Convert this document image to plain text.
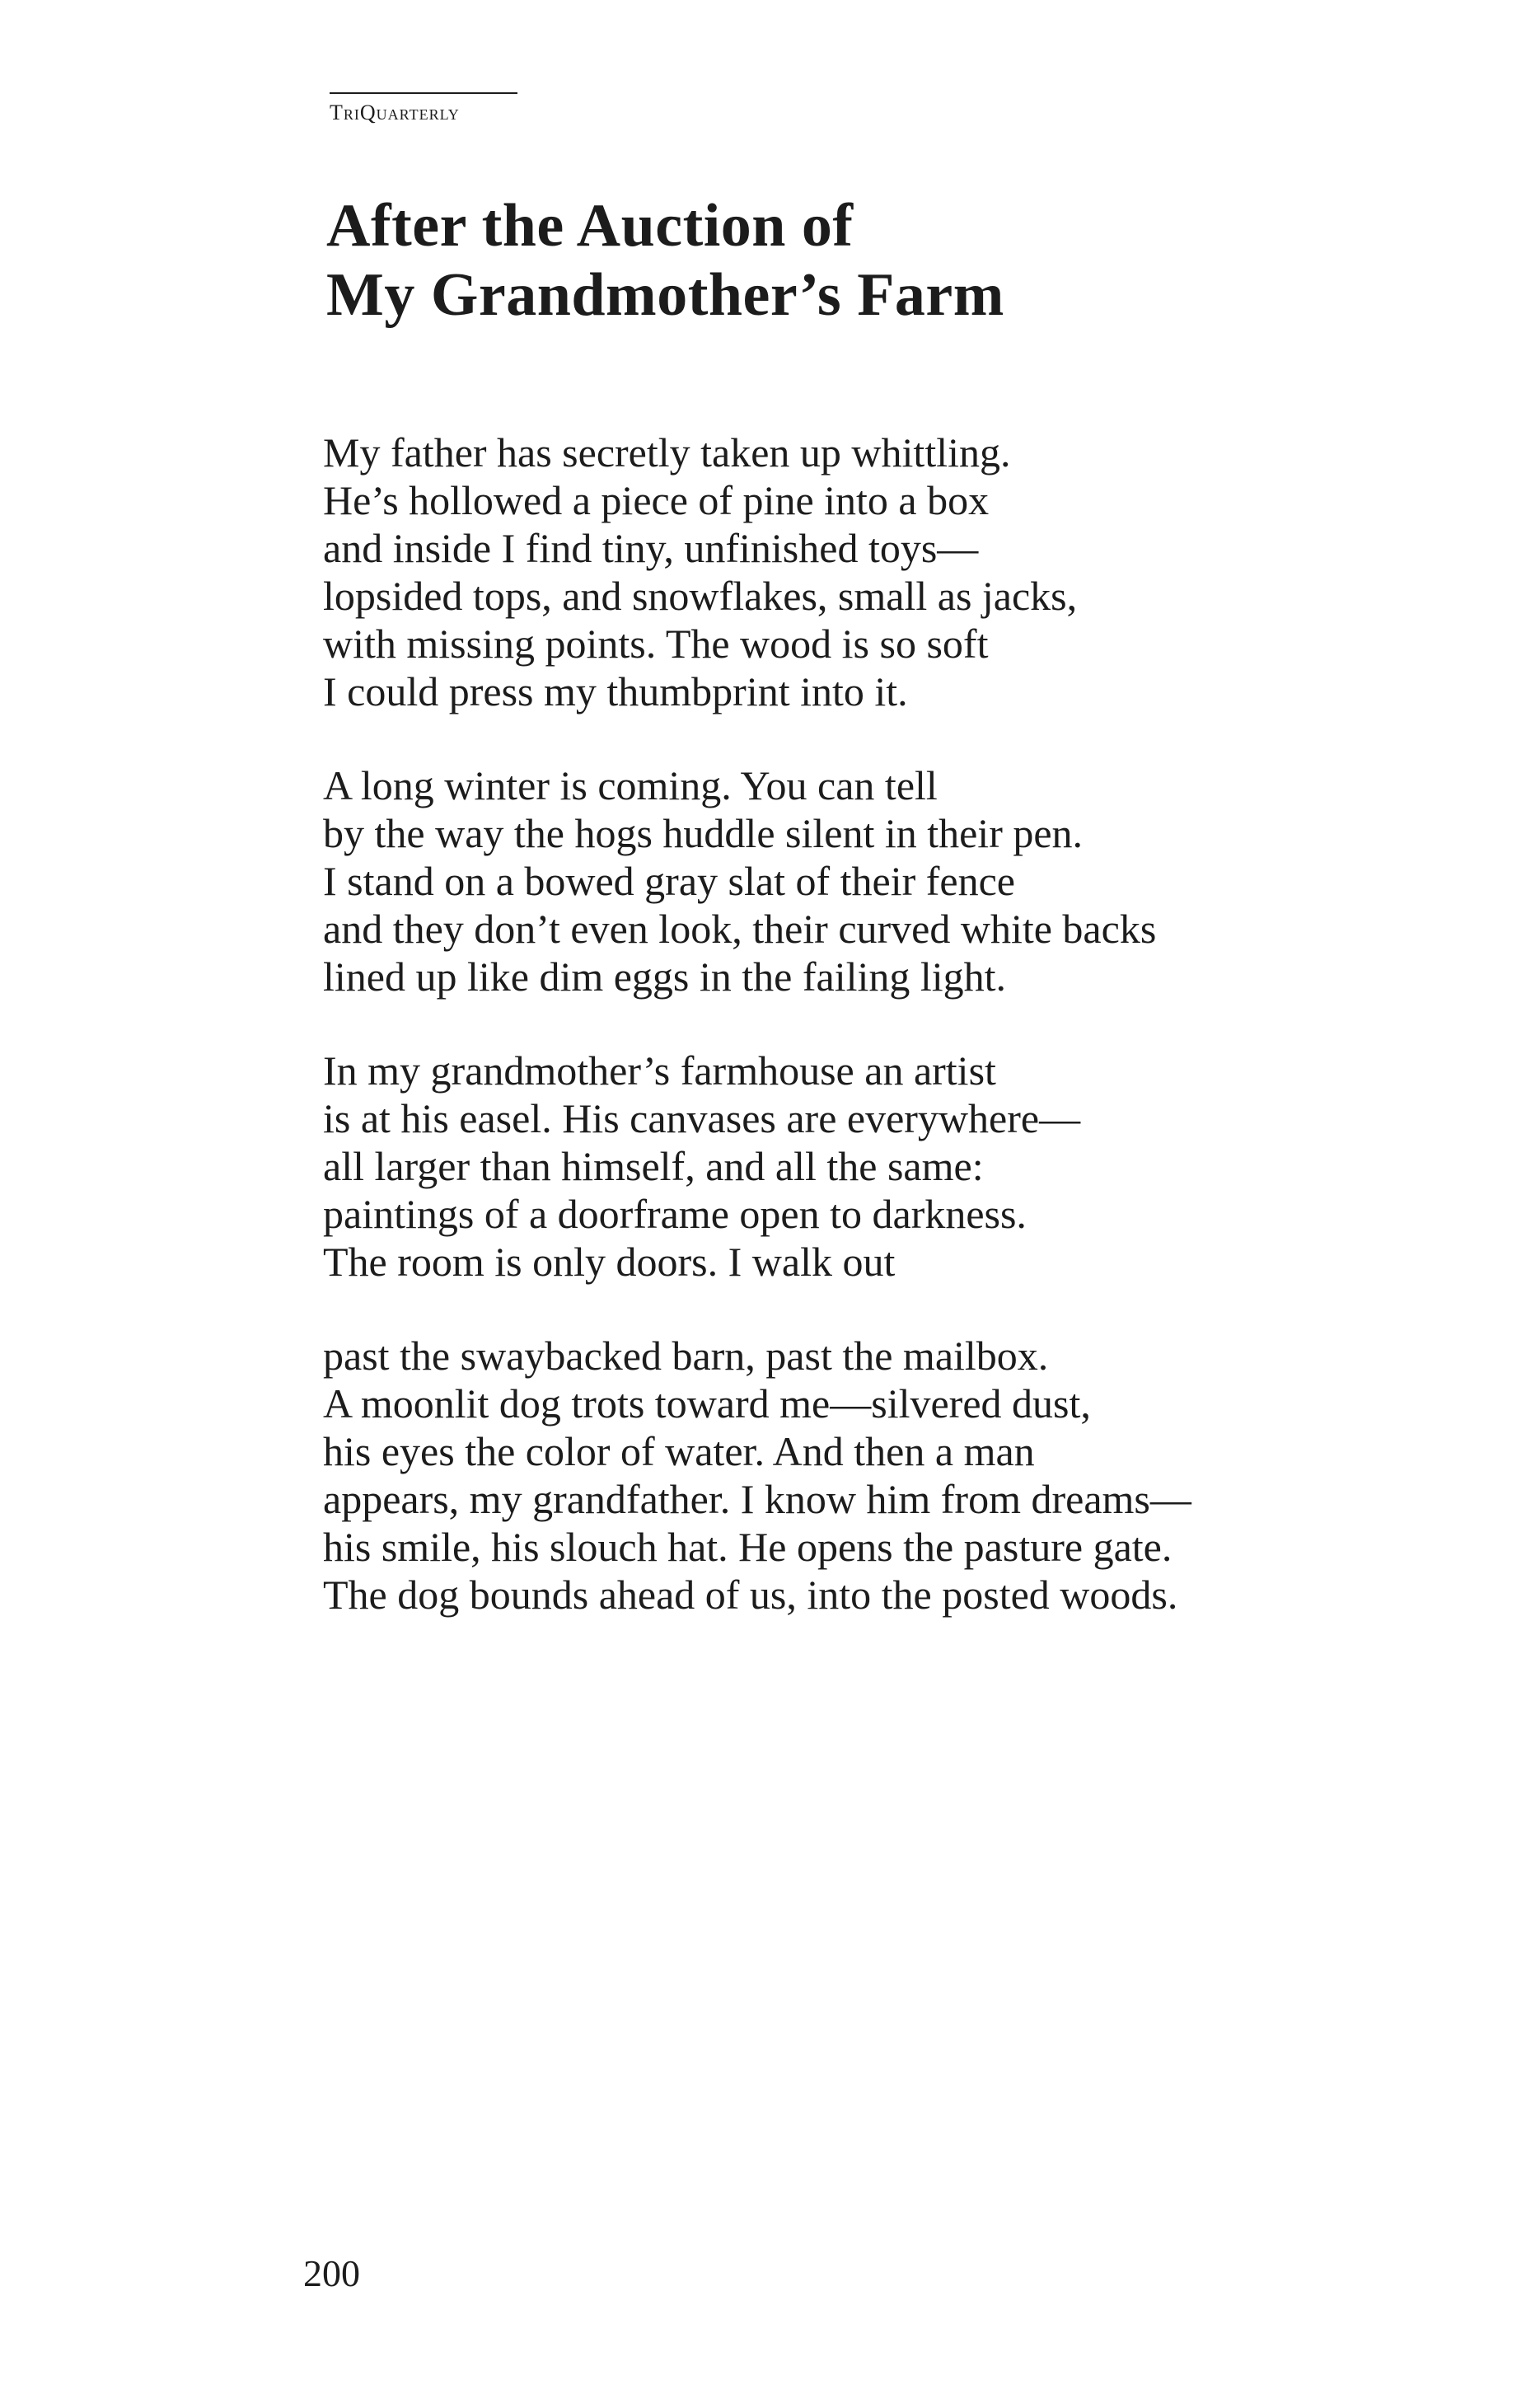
TriQuarterly
After the Auction of
My Grandmother’s Farm
My father has secretly taken up whittling.
He’s hollowed a piece of pine into a box
and inside I find tiny, unfinished toys—
lopsided tops, and snowflakes, small as jacks,
with missing points. The wood is so soft
I could press my thumbprint into it.
A long winter is coming. You can tell
by the way the hogs huddle silent in their pen.
I stand on a bowed gray slat of their fence
and they don’t even look, their curved white backs
lined up like dim eggs in the failing light.
In my grandmother’s farmhouse an artist
is at his easel. His canvases are everywhere—
all larger than himself, and all the same:
paintings of a doorframe open to darkness.
The room is only doors. I walk out
past the swaybacked barn, past the mailbox.
A moonlit dog trots toward me—silvered dust,
his eyes the color of water. And then a man
appears, my grandfather. I know him from dreams—
his smile, his slouch hat. He opens the pasture gate.
The dog bounds ahead of us, into the posted woods.
200
